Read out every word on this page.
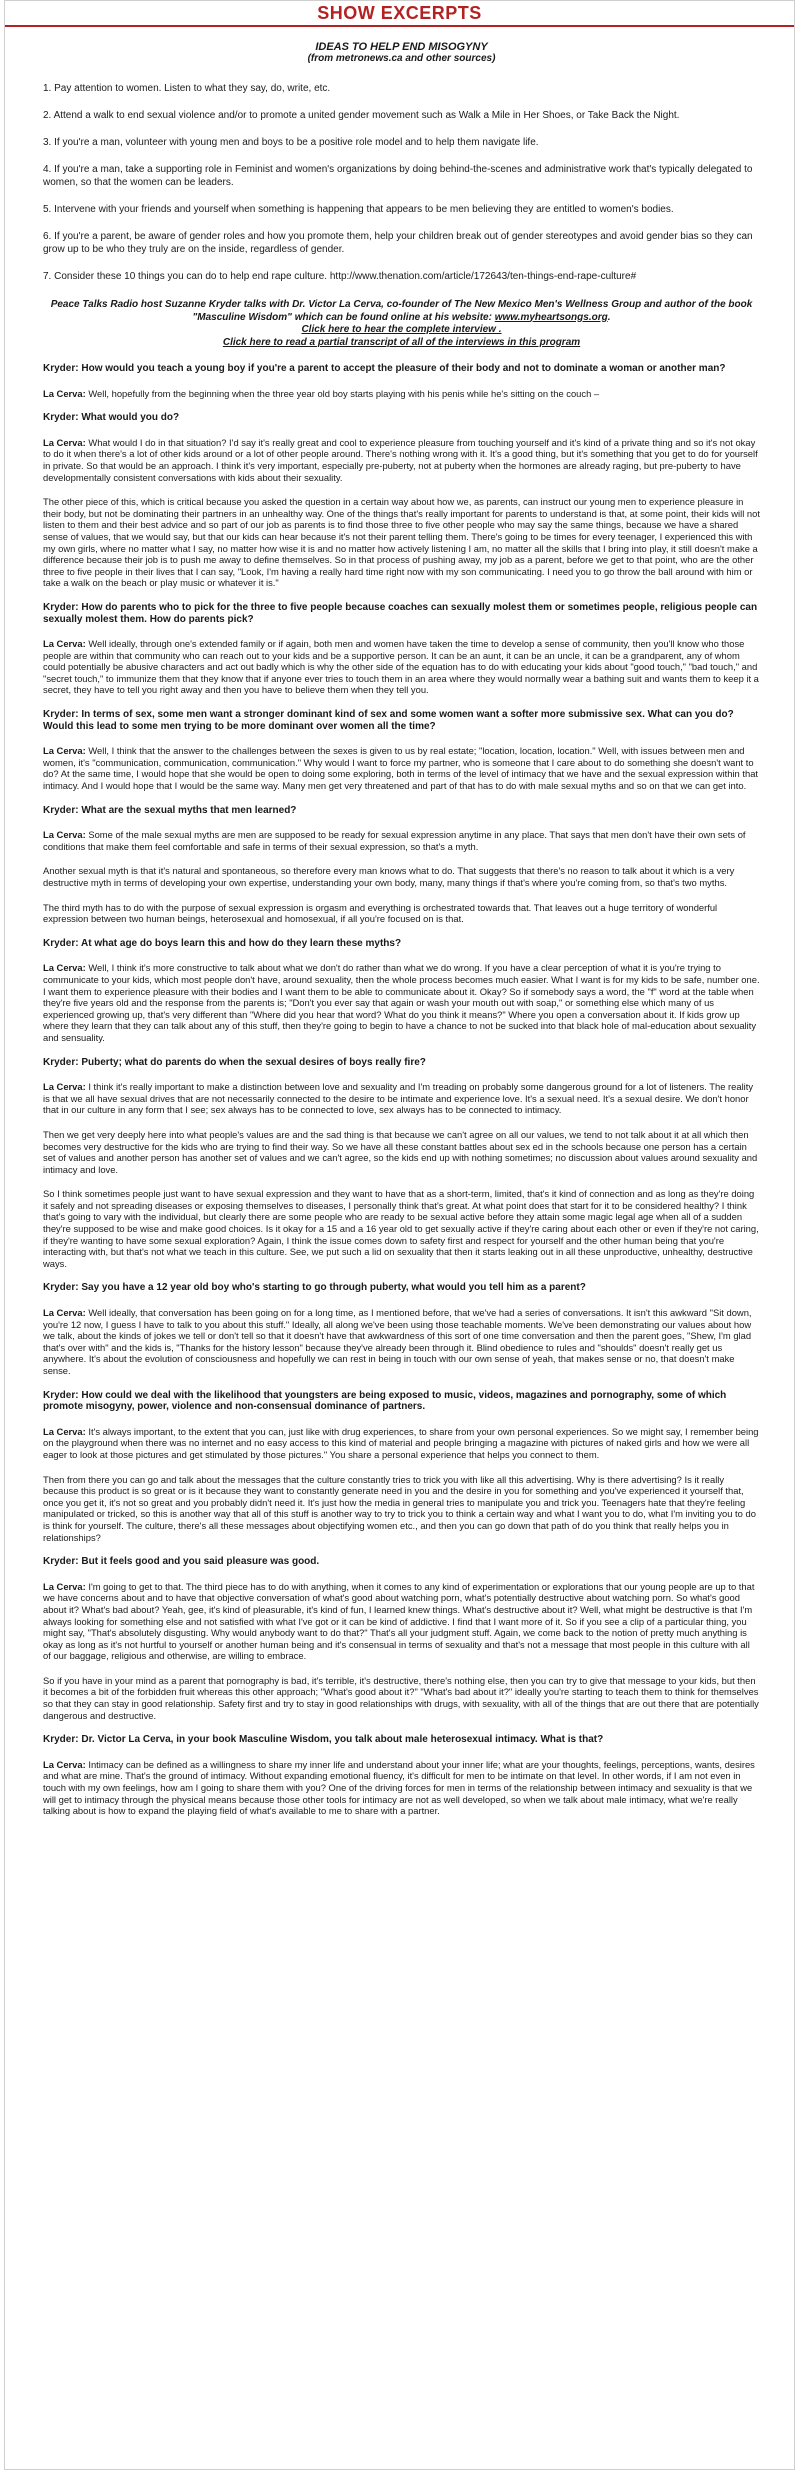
SHOW EXCERPTS
IDEAS TO HELP END MISOGYNY
(from metronews.ca and other sources)
1. Pay attention to women. Listen to what they say, do, write, etc.
2. Attend a walk to end sexual violence and/or to promote a united gender movement such as Walk a Mile in Her Shoes, or Take Back the Night.
3. If you're a man, volunteer with young men and boys to be a positive role model and to help them navigate life.
4. If you're a man, take a supporting role in Feminist and women's organizations by doing behind-the-scenes and administrative work that's typically delegated to women, so that the women can be leaders.
5. Intervene with your friends and yourself when something is happening that appears to be men believing they are entitled to women's bodies.
6. If you're a parent, be aware of gender roles and how you promote them, help your children break out of gender stereotypes and avoid gender bias so they can grow up to be who they truly are on the inside, regardless of gender.
7. Consider these 10 things you can do to help end rape culture. http://www.thenation.com/article/172643/ten-things-end-rape-culture#
Peace Talks Radio host Suzanne Kryder talks with Dr. Victor La Cerva, co-founder of The New Mexico Men's Wellness Group and author of the book "Masculine Wisdom" which can be found online at his website: www.myheartsongs.org.
Click here to hear the complete interview .
Click here to read a partial transcript of all of the interviews in this program

Kryder: How would you teach a young boy if you're a parent to accept the pleasure of their body and not to dominate a woman or another man?

La Cerva: Well, hopefully from the beginning when the three year old boy starts playing with his penis while he's sitting on the couch –

Kryder: What would you do?

La Cerva: What would I do in that situation? I'd say it's really great and cool to experience pleasure from touching yourself and it's kind of a private thing and so it's not okay to do it when there's a lot of other kids around or a lot of other people around. There's nothing wrong with it. It's a good thing, but it's something that you get to do for yourself in private. So that would be an approach. I think it's very important, especially pre-puberty, not at puberty when the hormones are already raging, but pre-puberty to have developmentally consistent conversations with kids about their sexuality.

The other piece of this, which is critical because you asked the question in a certain way about how we, as parents, can instruct our young men to experience pleasure in their body, but not be dominating their partners in an unhealthy way. One of the things that's really important for parents to understand is that, at some point, their kids will not listen to them and their best advice and so part of our job as parents is to find those three to five other people who may say the same things, because we have a shared sense of values, that we would say, but that our kids can hear because it's not their parent telling them. There's going to be times for every teenager, I experienced this with my own girls, where no matter what I say, no matter how wise it is and no matter how actively listening I am, no matter all the skills that I bring into play, it still doesn't make a difference because their job is to push me away to define themselves. So in that process of pushing away, my job as a parent, before we get to that point, who are the other three to five people in their lives that I can say, "Look, I'm having a really hard time right now with my son communicating. I need you to go throw the ball around with him or take a walk on the beach or play music or whatever it is."

Kryder: How do parents who to pick for the three to five people because coaches can sexually molest them or sometimes people, religious people can sexually molest them. How do parents pick?

La Cerva: Well ideally, through one's extended family or if again, both men and women have taken the time to develop a sense of community, then you'll know who those people are within that community who can reach out to your kids and be a supportive person. It can be an aunt, it can be an uncle, it can be a grandparent, any of whom could potentially be abusive characters and act out badly which is why the other side of the equation has to do with educating your kids about "good touch," "bad touch," and "secret touch," to immunize them that they know that if anyone ever tries to touch them in an area where they would normally wear a bathing suit and wants them to keep it a secret, they have to tell you right away and then you have to believe them when they tell you.

Kryder: In terms of sex, some men want a stronger dominant kind of sex and some women want a softer more submissive sex. What can you do? Would this lead to some men trying to be more dominant over women all the time?

La Cerva: Well, I think that the answer to the challenges between the sexes is given to us by real estate; "location, location, location." Well, with issues between men and women, it's "communication, communication, communication." Why would I want to force my partner, who is someone that I care about to do something she doesn't want to do? At the same time, I would hope that she would be open to doing some exploring, both in terms of the level of intimacy that we have and the sexual expression within that intimacy. And I would hope that I would be the same way. Many men get very threatened and part of that has to do with male sexual myths and so on that we can get into.

Kryder: What are the sexual myths that men learned?

La Cerva: Some of the male sexual myths are men are supposed to be ready for sexual expression anytime in any place. That says that men don't have their own sets of conditions that make them feel comfortable and safe in terms of their sexual expression, so that's a myth.

Another sexual myth is that it's natural and spontaneous, so therefore every man knows what to do. That suggests that there's no reason to talk about it which is a very destructive myth in terms of developing your own expertise, understanding your own body, many, many things if that's where you're coming from, so that's two myths.

The third myth has to do with the purpose of sexual expression is orgasm and everything is orchestrated towards that. That leaves out a huge territory of wonderful expression between two human beings, heterosexual and homosexual, if all you're focused on is that.

Kryder: At what age do boys learn this and how do they learn these myths?

La Cerva: Well, I think it's more constructive to talk about what we don't do rather than what we do wrong. If you have a clear perception of what it is you're trying to communicate to your kids, which most people don't have, around sexuality, then the whole process becomes much easier. What I want is for my kids to be safe, number one. I want them to experience pleasure with their bodies and I want them to be able to communicate about it. Okay? So if somebody says a word, the "f" word at the table when they're five years old and the response from the parents is; "Don't you ever say that again or wash your mouth out with soap," or something else which many of us experienced growing up, that's very different than "Where did you hear that word? What do you think it means?" Where you open a conversation about it. If kids grow up where they learn that they can talk about any of this stuff, then they're going to begin to have a chance to not be sucked into that black hole of mal-education about sexuality and sensuality.

Kryder: Puberty; what do parents do when the sexual desires of boys really fire?

La Cerva: I think it's really important to make a distinction between love and sexuality and I'm treading on probably some dangerous ground for a lot of listeners. The reality is that we all have sexual drives that are not necessarily connected to the desire to be intimate and experience love. It's a sexual need. It's a sexual desire. We don't honor that in our culture in any form that I see; sex always has to be connected to love, sex always has to be connected to intimacy.

Then we get very deeply here into what people's values are and the sad thing is that because we can't agree on all our values, we tend to not talk about it at all which then becomes very destructive for the kids who are trying to find their way. So we have all these constant battles about sex ed in the schools because one person has a certain set of values and another person has another set of values and we can't agree, so the kids end up with nothing sometimes; no discussion about values around sexuality and intimacy and love.

So I think sometimes people just want to have sexual expression and they want to have that as a short-term, limited, that's it kind of connection and as long as they're doing it safely and not spreading diseases or exposing themselves to diseases, I personally think that's great. At what point does that start for it to be considered healthy? I think that's going to vary with the individual, but clearly there are some people who are ready to be sexual active before they attain some magic legal age when all of a sudden they're supposed to be wise and make good choices. Is it okay for a 15 and a 16 year old to get sexually active if they're caring about each other or even if they're not caring, if they're wanting to have some sexual exploration? Again, I think the issue comes down to safety first and respect for yourself and the other human being that you're interacting with, but that's not what we teach in this culture. See, we put such a lid on sexuality that then it starts leaking out in all these unproductive, unhealthy, destructive ways.

Kryder: Say you have a 12 year old boy who's starting to go through puberty, what would you tell him as a parent?

La Cerva: Well ideally, that conversation has been going on for a long time, as I mentioned before, that we've had a series of conversations. It isn't this awkward "Sit down, you're 12 now, I guess I have to talk to you about this stuff." Ideally, all along we've been using those teachable moments. We've been demonstrating our values about how we talk, about the kinds of jokes we tell or don't tell so that it doesn't have that awkwardness of this sort of one time conversation and then the parent goes, "Shew, I'm glad that's over with" and the kids is, "Thanks for the history lesson" because they've already been through it. Blind obedience to rules and "shoulds" doesn't really get us anywhere. It's about the evolution of consciousness and hopefully we can rest in being in touch with our own sense of yeah, that makes sense or no, that doesn't make sense.

Kryder: How could we deal with the likelihood that youngsters are being exposed to music, videos, magazines and pornography, some of which promote misogyny, power, violence and non-consensual dominance of partners.

La Cerva: It's always important, to the extent that you can, just like with drug experiences, to share from your own personal experiences. So we might say, I remember being on the playground when there was no internet and no easy access to this kind of material and people bringing a magazine with pictures of naked girls and how we were all eager to look at those pictures and get stimulated by those pictures." You share a personal experience that helps you connect to them.

Then from there you can go and talk about the messages that the culture constantly tries to trick you with like all this advertising. Why is there advertising? Is it really because this product is so great or is it because they want to constantly generate need in you and the desire in you for something and you've experienced it yourself that, once you get it, it's not so great and you probably didn't need it. It's just how the media in general tries to manipulate you and trick you. Teenagers hate that they're feeling manipulated or tricked, so this is another way that all of this stuff is another way to try to trick you to think a certain way and what I want you to do, what I'm inviting you to do is think for yourself. The culture, there's all these messages about objectifying women etc., and then you can go down that path of do you think that really helps you in relationships?

Kryder: But it feels good and you said pleasure was good.

La Cerva: I'm going to get to that. The third piece has to do with anything, when it comes to any kind of experimentation or explorations that our young people are up to that we have concerns about and to have that objective conversation of what's good about watching porn, what's potentially destructive about watching porn. So what's good about it? What's bad about? Yeah, gee, it's kind of pleasurable, it's kind of fun, I learned knew things. What's destructive about it? Well, what might be destructive is that I'm always looking for something else and not satisfied with what I've got or it can be kind of addictive. I find that I want more of it. So if you see a clip of a particular thing, you might say, "That's absolutely disgusting. Why would anybody want to do that?" That's all your judgment stuff. Again, we come back to the notion of pretty much anything is okay as long as it's not hurtful to yourself or another human being and it's consensual in terms of sexuality and that's not a message that most people in this culture with all of our baggage, religious and otherwise, are willing to embrace.

So if you have in your mind as a parent that pornography is bad, it's terrible, it's destructive, there's nothing else, then you can try to give that message to your kids, but then it becomes a bit of the forbidden fruit whereas this other approach; "What's good about it?" "What's bad about it?" ideally you're starting to teach them to think for themselves so that they can stay in good relationship. Safety first and try to stay in good relationships with drugs, with sexuality, with all of the things that are out there that are potentially dangerous and destructive.

Kryder: Dr. Victor La Cerva, in your book Masculine Wisdom, you talk about male heterosexual intimacy. What is that?

La Cerva: Intimacy can be defined as a willingness to share my inner life and understand about your inner life; what are your thoughts, feelings, perceptions, wants, desires and what are mine. That's the ground of intimacy. Without expanding emotional fluency, it's difficult for men to be intimate on that level. In other words, if I am not even in touch with my own feelings, how am I going to share them with you? One of the driving forces for men in terms of the relationship between intimacy and sexuality is that we will get to intimacy through the physical means because those other tools for intimacy are not as well developed, so when we talk about male intimacy, what we're really talking about is how to expand the playing field of what's available to me to share with a partner.
